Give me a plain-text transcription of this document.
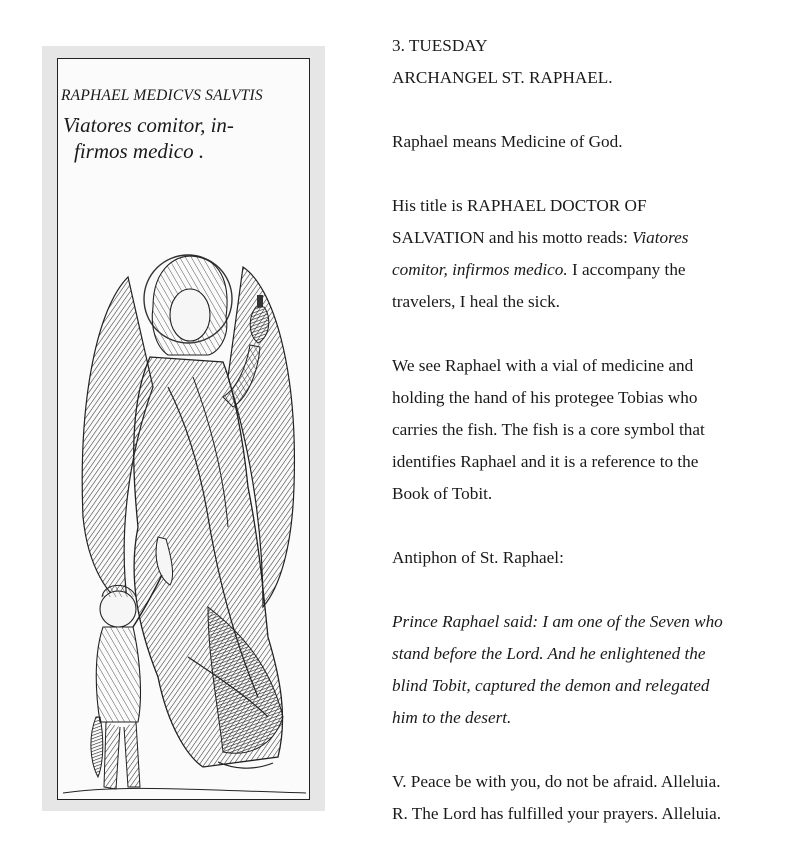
RAPHAEL MEDICVS SALVTIS
Viatores comitor, in-
firmos medico .
3. TUESDAY
ARCHANGEL ST. RAPHAEL.
Raphael means Medicine of God.
His title is RAPHAEL DOCTOR OF
SALVATION and his motto reads: Viatores
comitor, infirmos medico. I accompany the
travelers, I heal the sick.
We see Raphael with a vial of medicine and
holding the hand of his protegee Tobias who
carries the fish. The fish is a core symbol that
identifies Raphael and it is a reference to the
Book of Tobit.
Antiphon of St. Raphael:
Prince Raphael said: I am one of the Seven who
stand before the Lord. And he enlightened the
blind Tobit, captured the demon and relegated
him to the desert.
V. Peace be with you, do not be afraid. Alleluia.
R. The Lord has fulfilled your prayers. Alleluia.
